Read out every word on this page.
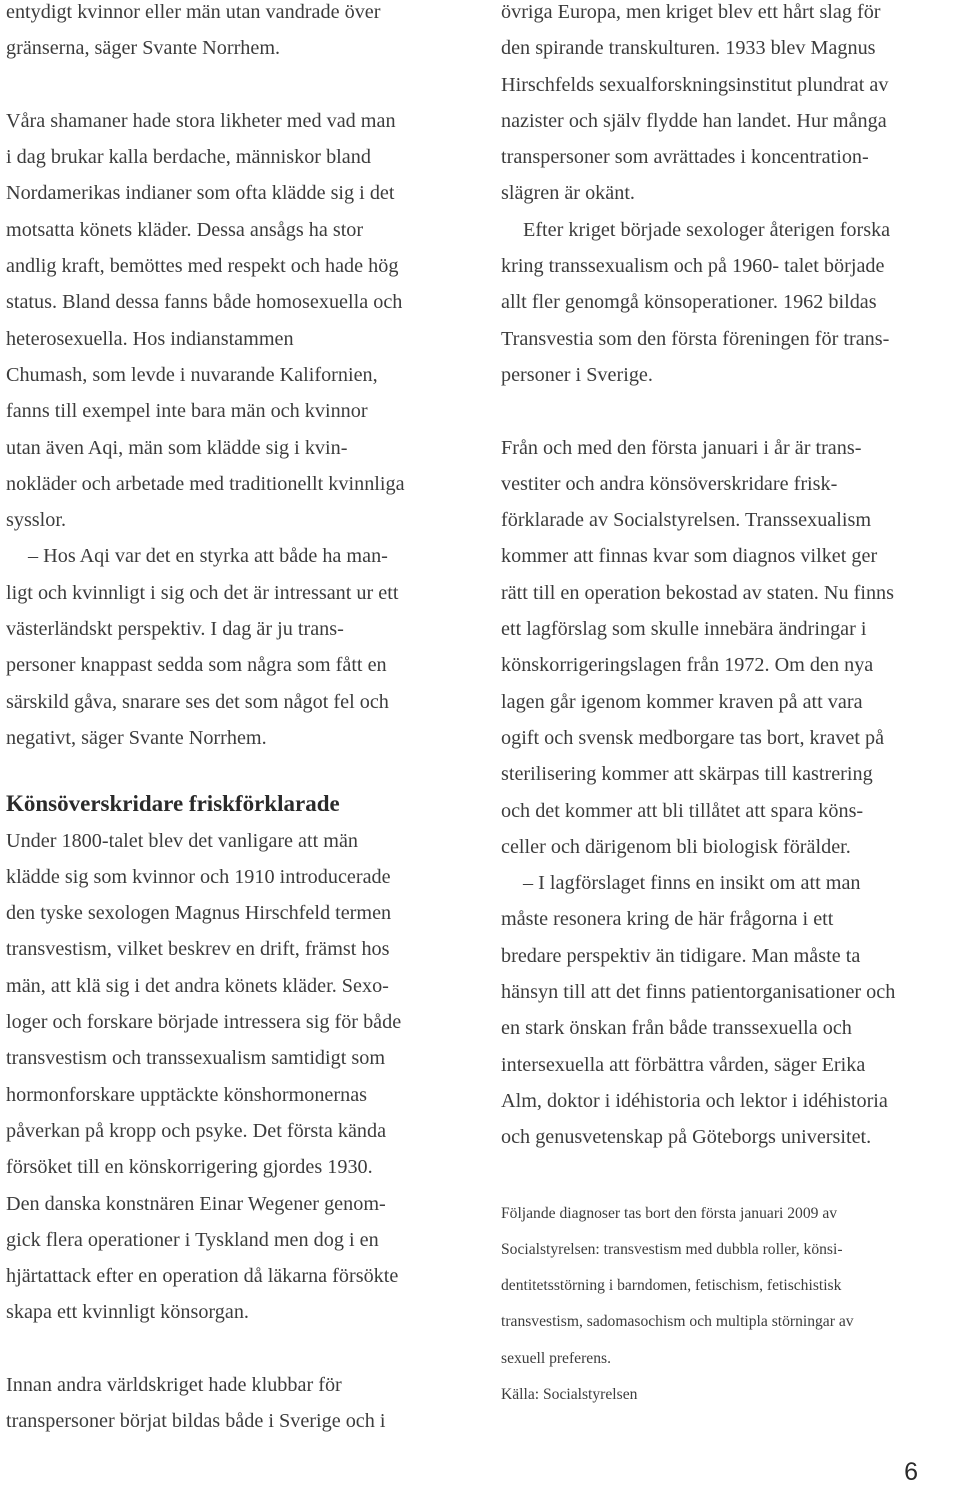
entydigt kvinnor eller män utan vandrade över
gränserna, säger Svante Norrhem.
Våra shamaner hade stora likheter med vad man
i dag brukar kalla berdache, människor bland
Nordamerikas indianer som ofta klädde sig i det
motsatta könets kläder. Dessa ansågs ha stor
andlig kraft, bemöttes med respekt och hade hög
status. Bland dessa fanns både homosexuella och
heterosexuella. Hos indianstammen
Chumash, som levde i nuvarande Kalifornien,
fanns till exempel inte bara män och kvinnor
utan även Aqi, män som klädde sig i kvin-
nokläder och arbetade med traditionellt kvinnliga
sysslor.
– Hos Aqi var det en styrka att både ha man-
ligt och kvinnligt i sig och det är intressant ur ett
västerländskt perspektiv. I dag är ju trans-
personer knappast sedda som några som fått en
särskild gåva, snarare ses det som något fel och
negativt, säger Svante Norrhem.
Könsöverskridare friskförklarade
Under 1800-talet blev det vanligare att män
klädde sig som kvinnor och 1910 introducerade
den tyske sexologen Magnus Hirschfeld termen
transvestism, vilket beskrev en drift, främst hos
män, att klä sig i det andra könets kläder. Sexo-
loger och forskare började intressera sig för både
transvestism och transsexualism samtidigt som
hormonforskare upptäckte könshormonernas
påverkan på kropp och psyke. Det första kända
försöket till en könskorrigering gjordes 1930.
Den danska konstnären Einar Wegener genom-
gick flera operationer i Tyskland men dog i en
hjärtattack efter en operation då läkarna försökte
skapa ett kvinnligt könsorgan.
Innan andra världskriget hade klubbar för
transpersoner börjat bildas både i Sverige och i
övriga Europa, men kriget blev ett hårt slag för
den spirande transkulturen. 1933 blev Magnus
Hirschfelds sexualforskningsinstitut plundrat av
nazister och själv flydde han landet. Hur många
transpersoner som avrättades i koncentration-
slägren är okänt.
Efter kriget började sexologer återigen forska
kring transsexualism och på 1960- talet började
allt fler genomgå könsoperationer. 1962 bildas
Transvestia som den första föreningen för trans-
personer i Sverige.
Från och med den första januari i år är trans-
vestiter och andra könsöverskridare frisk-
förklarade av Socialstyrelsen. Transsexualism
kommer att finnas kvar som diagnos vilket ger
rätt till en operation bekostad av staten. Nu finns
ett lagförslag som skulle innebära ändringar i
könskorrigeringslagen från 1972. Om den nya
lagen går igenom kommer kraven på att vara
ogift och svensk medborgare tas bort, kravet på
sterilisering kommer att skärpas till kastrering
och det kommer att bli tillåtet att spara köns-
celler och därigenom bli biologisk förälder.
– I lagförslaget finns en insikt om att man
måste resonera kring de här frågorna i ett
bredare perspektiv än tidigare. Man måste ta
hänsyn till att det finns patientorganisationer och
en stark önskan från både transsexuella och
intersexuella att förbättra vården, säger Erika
Alm, doktor i idéhistoria och lektor i idéhistoria
och genusvetenskap på Göteborgs universitet.
Följande diagnoser tas bort den första januari 2009 av
Socialstyrelsen: transvestism med dubbla roller, könsi-
dentitetsstörning i barndomen, fetischism, fetischistisk
transvestism, sadomasochism och multipla störningar av
sexuell preferens.
Källa: Socialstyrelsen
6
